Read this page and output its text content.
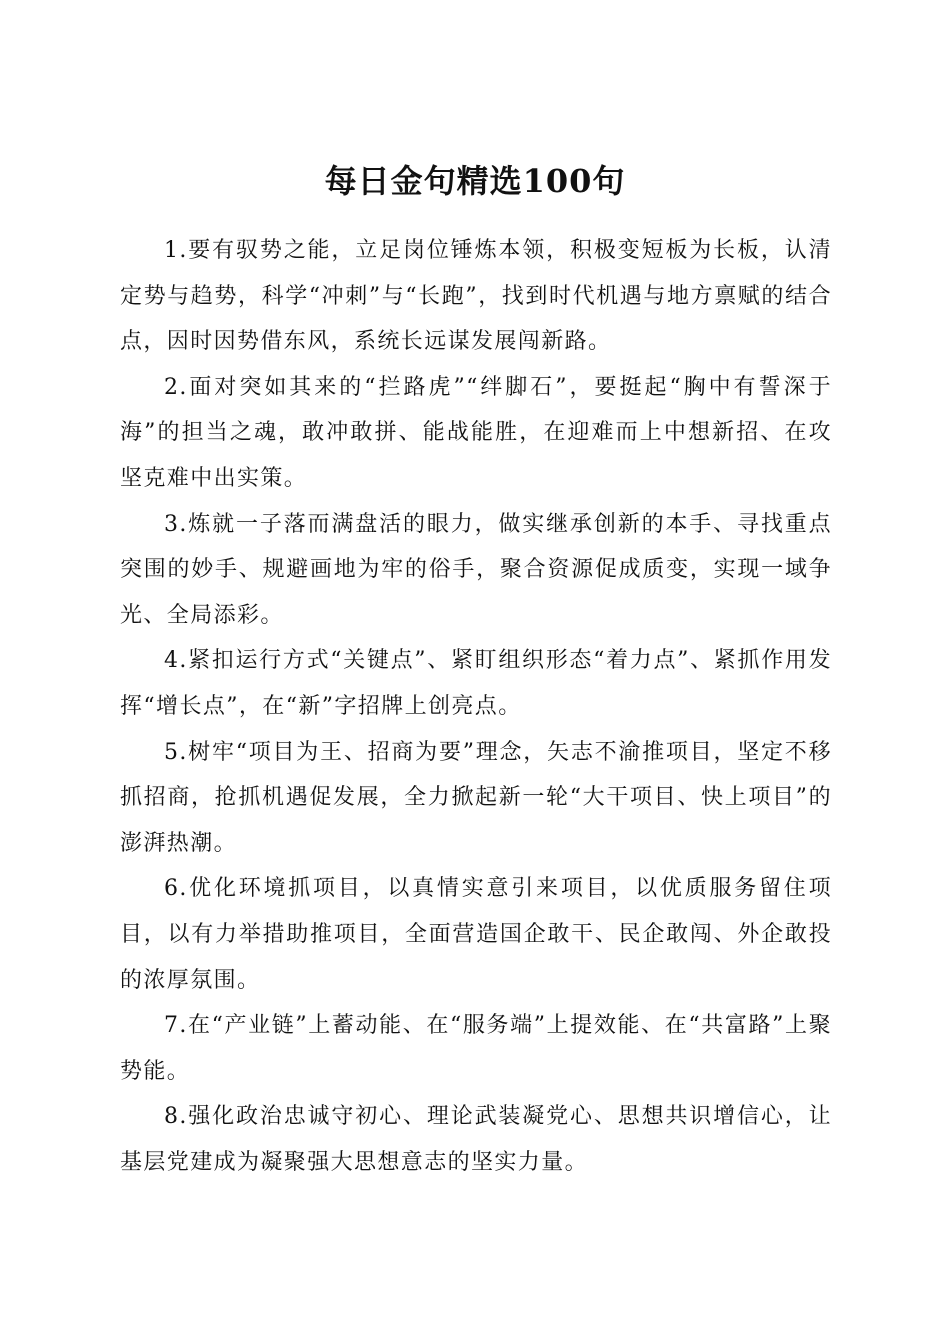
每日金句精选100句

1.要有驭势之能，立足岗位锤炼本领，积极变短板为长板，认清定势与趋势，科学“冲刺”与“长跑”，找到时代机遇与地方禀赋的结合点，因时因势借东风，系统长远谋发展闯新路。

2.面对突如其来的“拦路虎”“绊脚石”，要挺起“胸中有誓深于海”的担当之魂，敢冲敢拼、能战能胜，在迎难而上中想新招、在攻坚克难中出实策。

3.炼就一子落而满盘活的眼力，做实继承创新的本手、寻找重点突围的妙手、规避画地为牢的俗手，聚合资源促成质变，实现一域争光、全局添彩。

4.紧扣运行方式“关键点”、紧盯组织形态“着力点”、紧抓作用发挥“增长点”，在“新”字招牌上创亮点。

5.树牢“项目为王、招商为要”理念，矢志不渝推项目，坚定不移抓招商，抢抓机遇促发展，全力掀起新一轮“大干项目、快上项目”的澎湃热潮。

6.优化环境抓项目，以真情实意引来项目，以优质服务留住项目，以有力举措助推项目，全面营造国企敢干、民企敢闯、外企敢投的浓厚氛围。

7.在“产业链”上蓄动能、在“服务端”上提效能、在“共富路”上聚势能。

8.强化政治忠诚守初心、理论武装凝党心、思想共识增信心，让基层党建成为凝聚强大思想意志的坚实力量。
